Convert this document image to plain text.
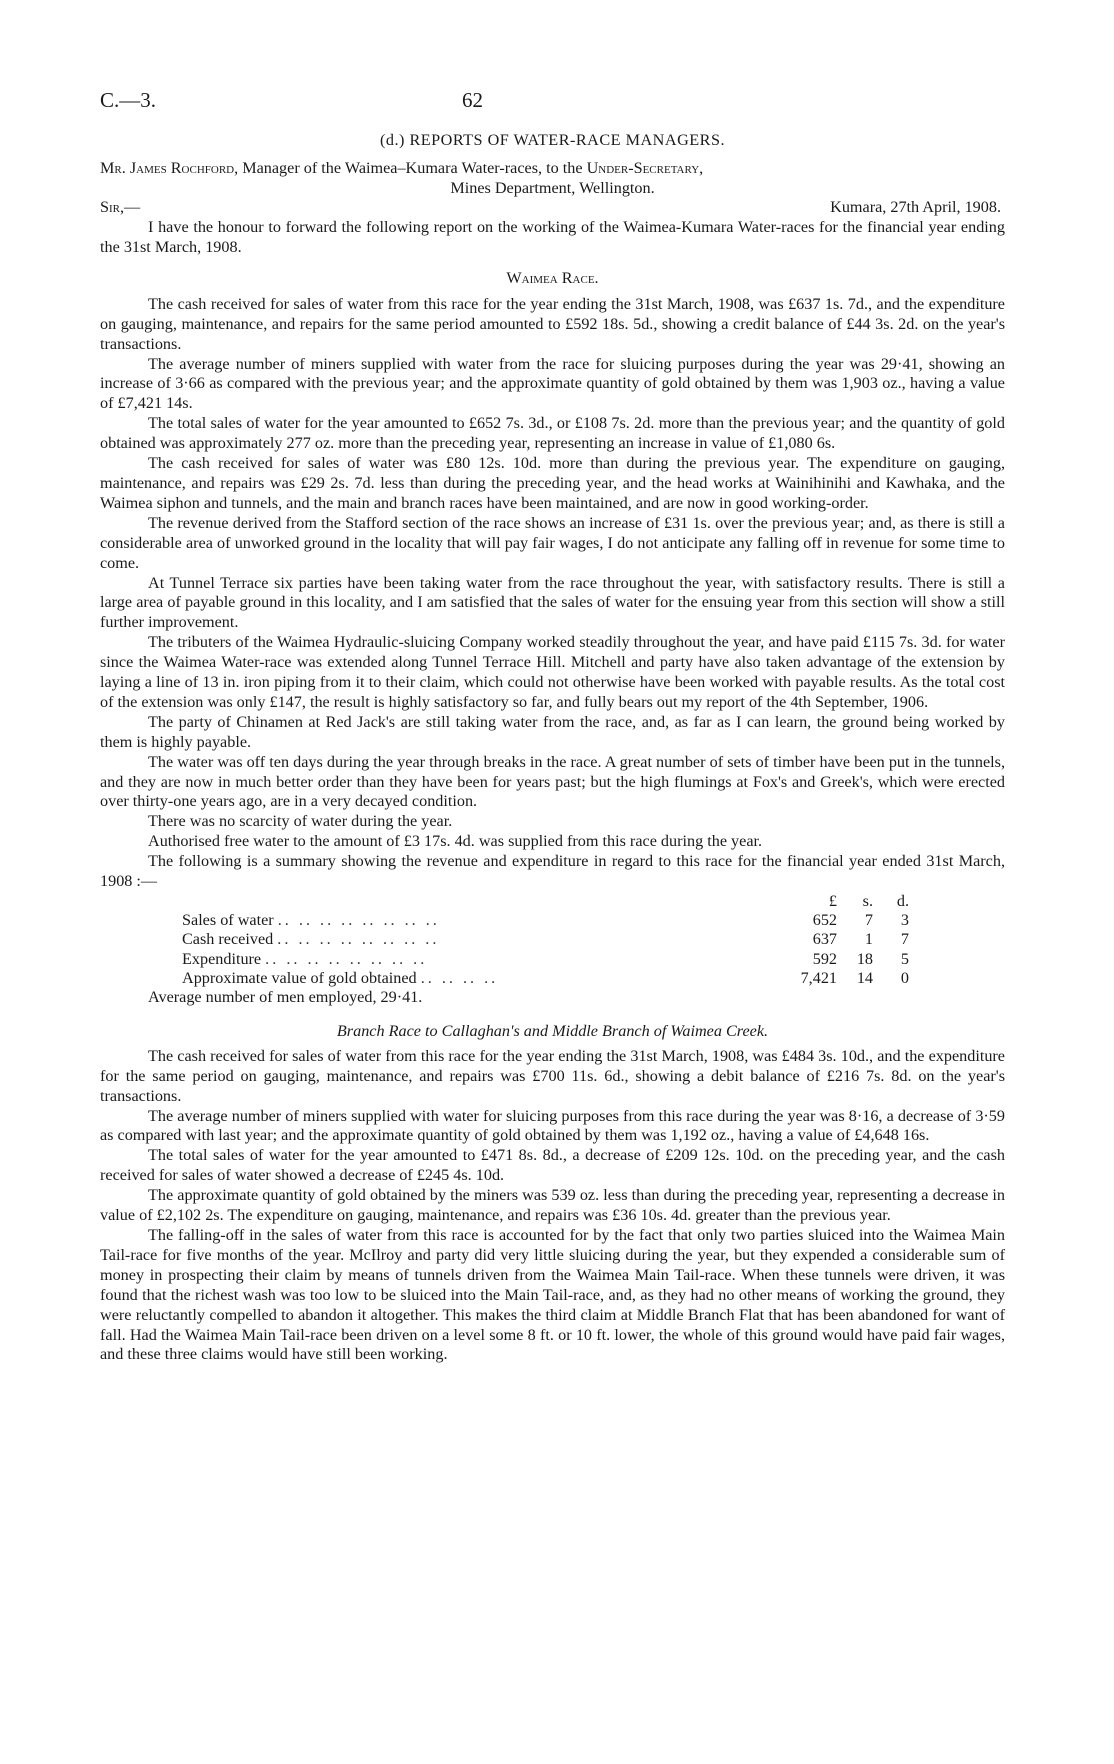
C.—3.	62
(d.) REPORTS OF WATER-RACE MANAGERS.
Mr. James Rochford, Manager of the Waimea–Kumara Water-races, to the Under-Secretary,
Mines Department, Wellington.
Sir,—	Kumara, 27th April, 1908.

I have the honour to forward the following report on the working of the Waimea-Kumara Water-races for the financial year ending the 31st March, 1908.

Waimea Race.

The cash received for sales of water from this race for the year ending the 31st March, 1908, was £637 1s. 7d., and the expenditure on gauging, maintenance, and repairs for the same period amounted to £592 18s. 5d., showing a credit balance of £44 3s. 2d. on the year's transactions.

The average number of miners supplied with water from the race for sluicing purposes during the year was 29·41, showing an increase of 3·66 as compared with the previous year; and the approximate quantity of gold obtained by them was 1,903 oz., having a value of £7,421 14s.

The total sales of water for the year amounted to £652 7s. 3d., or £108 7s. 2d. more than the previous year; and the quantity of gold obtained was approximately 277 oz. more than the preceding year, representing an increase in value of £1,080 6s.

The cash received for sales of water was £80 12s. 10d. more than during the previous year. The expenditure on gauging, maintenance, and repairs was £29 2s. 7d. less than during the preceding year, and the head works at Wainihinihi and Kawhaka, and the Waimea siphon and tunnels, and the main and branch races have been maintained, and are now in good working-order.

The revenue derived from the Stafford section of the race shows an increase of £31 1s. over the previous year; and, as there is still a considerable area of unworked ground in the locality that will pay fair wages, I do not anticipate any falling off in revenue for some time to come.

At Tunnel Terrace six parties have been taking water from the race throughout the year, with satisfactory results. There is still a large area of payable ground in this locality, and I am satisfied that the sales of water for the ensuing year from this section will show a still further improvement.

The tributers of the Waimea Hydraulic-sluicing Company worked steadily throughout the year, and have paid £115 7s. 3d. for water since the Waimea Water-race was extended along Tunnel Terrace Hill. Mitchell and party have also taken advantage of the extension by laying a line of 13 in. iron piping from it to their claim, which could not otherwise have been worked with payable results. As the total cost of the extension was only £147, the result is highly satisfactory so far, and fully bears out my report of the 4th September, 1906.

The party of Chinamen at Red Jack's are still taking water from the race, and, as far as I can learn, the ground being worked by them is highly payable.

The water was off ten days during the year through breaks in the race. A great number of sets of timber have been put in the tunnels, and they are now in much better order than they have been for years past; but the high flumings at Fox's and Greek's, which were erected over thirty-one years ago, are in a very decayed condition.

There was no scarcity of water during the year.

Authorised free water to the amount of £3 17s. 4d. was supplied from this race during the year.

The following is a summary showing the revenue and expenditure in regard to this race for the financial year ended 31st March, 1908 :—

£	s.	d.
Sales of water .. .. .. .. .. .. .. ..	652	7	3
Cash received .. .. .. .. .. .. .. ..	637	1	7
Expenditure .. .. .. .. .. .. .. ..	592	18	5
Approximate value of gold obtained .. .. .. ..	7,421	14	0
Average number of men employed, 29·41.
Branch Race to Callaghan's and Middle Branch of Waimea Creek.

The cash received for sales of water from this race for the year ending the 31st March, 1908, was £484 3s. 10d., and the expenditure for the same period on gauging, maintenance, and repairs was £700 11s. 6d., showing a debit balance of £216 7s. 8d. on the year's transactions.

The average number of miners supplied with water for sluicing purposes from this race during the year was 8·16, a decrease of 3·59 as compared with last year; and the approximate quantity of gold obtained by them was 1,192 oz., having a value of £4,648 16s.

The total sales of water for the year amounted to £471 8s. 8d., a decrease of £209 12s. 10d. on the preceding year, and the cash received for sales of water showed a decrease of £245 4s. 10d.

The approximate quantity of gold obtained by the miners was 539 oz. less than during the preceding year, representing a decrease in value of £2,102 2s. The expenditure on gauging, maintenance, and repairs was £36 10s. 4d. greater than the previous year.

The falling-off in the sales of water from this race is accounted for by the fact that only two parties sluiced into the Waimea Main Tail-race for five months of the year. McIlroy and party did very little sluicing during the year, but they expended a considerable sum of money in prospecting their claim by means of tunnels driven from the Waimea Main Tail-race. When these tunnels were driven, it was found that the richest wash was too low to be sluiced into the Main Tail-race, and, as they had no other means of working the ground, they were reluctantly compelled to abandon it altogether. This makes the third claim at Middle Branch Flat that has been abandoned for want of fall. Had the Waimea Main Tail-race been driven on a level some 8 ft. or 10 ft. lower, the whole of this ground would have paid fair wages, and these three claims would have still been working.
